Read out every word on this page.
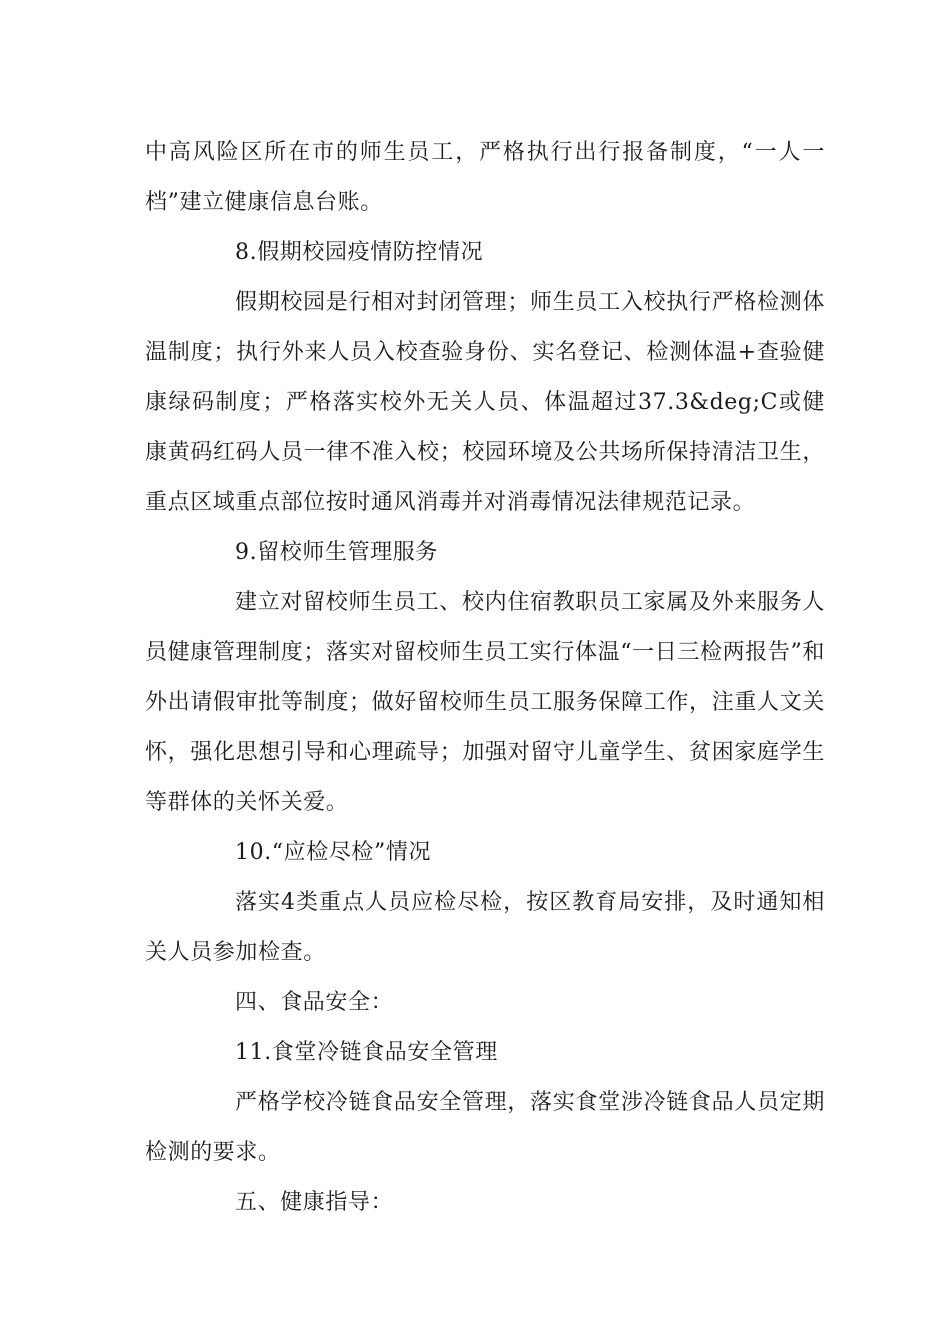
中高风险区所在市的师生员工，严格执行出行报备制度，“一人一档”建立健康信息台账。

8.假期校园疫情防控情况

假期校园是行相对封闭管理；师生员工入校执行严格检测体温制度；执行外来人员入校查验身份、实名登记、检测体温+查验健康绿码制度；严格落实校外无关人员、体温超过37.3&deg;C或健康黄码红码人员一律不准入校；校园环境及公共场所保持清洁卫生，重点区域重点部位按时通风消毒并对消毒情况法律规范记录。

9.留校师生管理服务

建立对留校师生员工、校内住宿教职员工家属及外来服务人员健康管理制度；落实对留校师生员工实行体温“一日三检两报告”和外出请假审批等制度；做好留校师生员工服务保障工作，注重人文关怀，强化思想引导和心理疏导；加强对留守儿童学生、贫困家庭学生等群体的关怀关爱。

10.“应检尽检”情况

落实4类重点人员应检尽检，按区教育局安排，及时通知相关人员参加检查。

四、食品安全：

11.食堂冷链食品安全管理

严格学校冷链食品安全管理，落实食堂涉冷链食品人员定期检测的要求。

五、健康指导：
